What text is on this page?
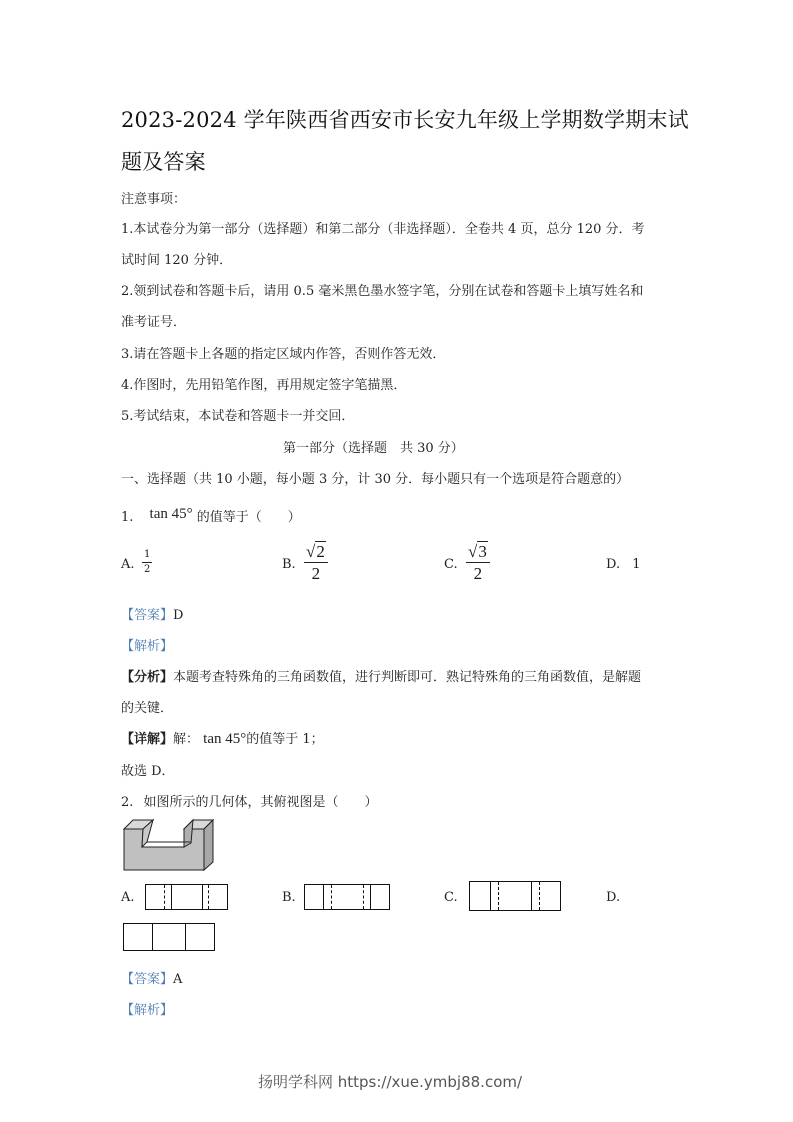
2023-2024 学年陕西省西安市长安九年级上学期数学期末试
题及答案
注意事项：
1.本试卷分为第一部分（选择题）和第二部分（非选择题）．全卷共 4 页，总分 120 分．考
试时间 120 分钟．
2.领到试卷和答题卡后，请用 0.5 毫米黑色墨水签字笔，分别在试卷和答题卡上填写姓名和
准考证号．
3.请在答题卡上各题的指定区域内作答，否则作答无效．
4.作图时，先用铅笔作图，再用规定签字笔描黑．
5.考试结束，本试卷和答题卡一并交回．
第一部分（选择题　共 30 分）
一、选择题（共 10 小题，每小题 3 分，计 30 分．每小题只有一个选项是符合题意的）
1. tan 45° 的值等于（　　）
A. $\frac{1}{2}$	B. $\frac{√2}{2}$	C. $\frac{√3}{2}$	D. 1
【答案】D
【解析】
【分析】本题考查特殊角的三角函数值，进行判断即可．熟记特殊角的三角函数值，是解题
的关键．
【详解】解： tan 45°的值等于 1；
故选 D．
2. 如图所示的几何体，其俯视图是（　　）
A.	B.	C.	D.
【答案】A
【解析】
扬明学科网 https://xue.ymbj88.com/
